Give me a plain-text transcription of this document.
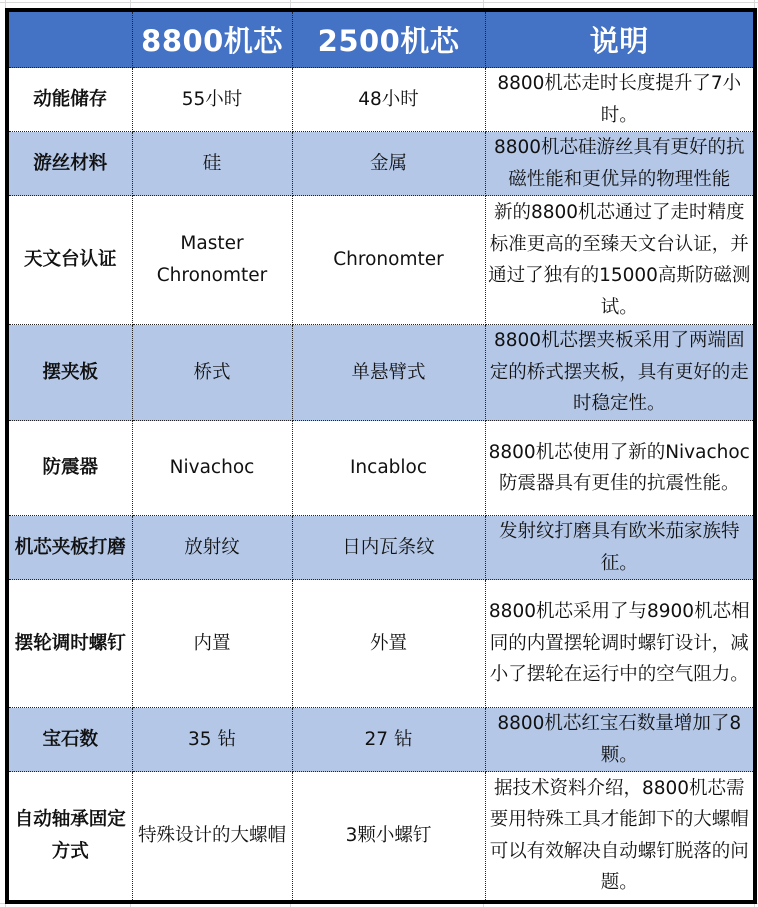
	8800机芯	2500机芯	说明
动能储存	55小时	48小时	8800机芯走时长度提升了7小时。
游丝材料	硅	金属	8800机芯硅游丝具有更好的抗磁性能和更优异的物理性能
天文台认证	Master Chronomter	Chronomter	新的8800机芯通过了走时精度标准更高的至臻天文台认证，并通过了独有的15000高斯防磁测试。
摆夹板	桥式	单悬臂式	8800机芯摆夹板采用了两端固定的桥式摆夹板，具有更好的走时稳定性。
防震器	Nivachoc	Incabloc	8800机芯使用了新的Nivachoc防震器具有更佳的抗震性能。
机芯夹板打磨	放射纹	日内瓦条纹	发射纹打磨具有欧米茄家族特征。
摆轮调时螺钉	内置	外置	8800机芯采用了与8900机芯相同的内置摆轮调时螺钉设计，减小了摆轮在运行中的空气阻力。
宝石数	35 钻	27 钻	8800机芯红宝石数量增加了8颗。
自动轴承固定方式	特殊设计的大螺帽	3颗小螺钉	据技术资料介绍，8800机芯需要用特殊工具才能卸下的大螺帽可以有效解决自动螺钉脱落的问题。
